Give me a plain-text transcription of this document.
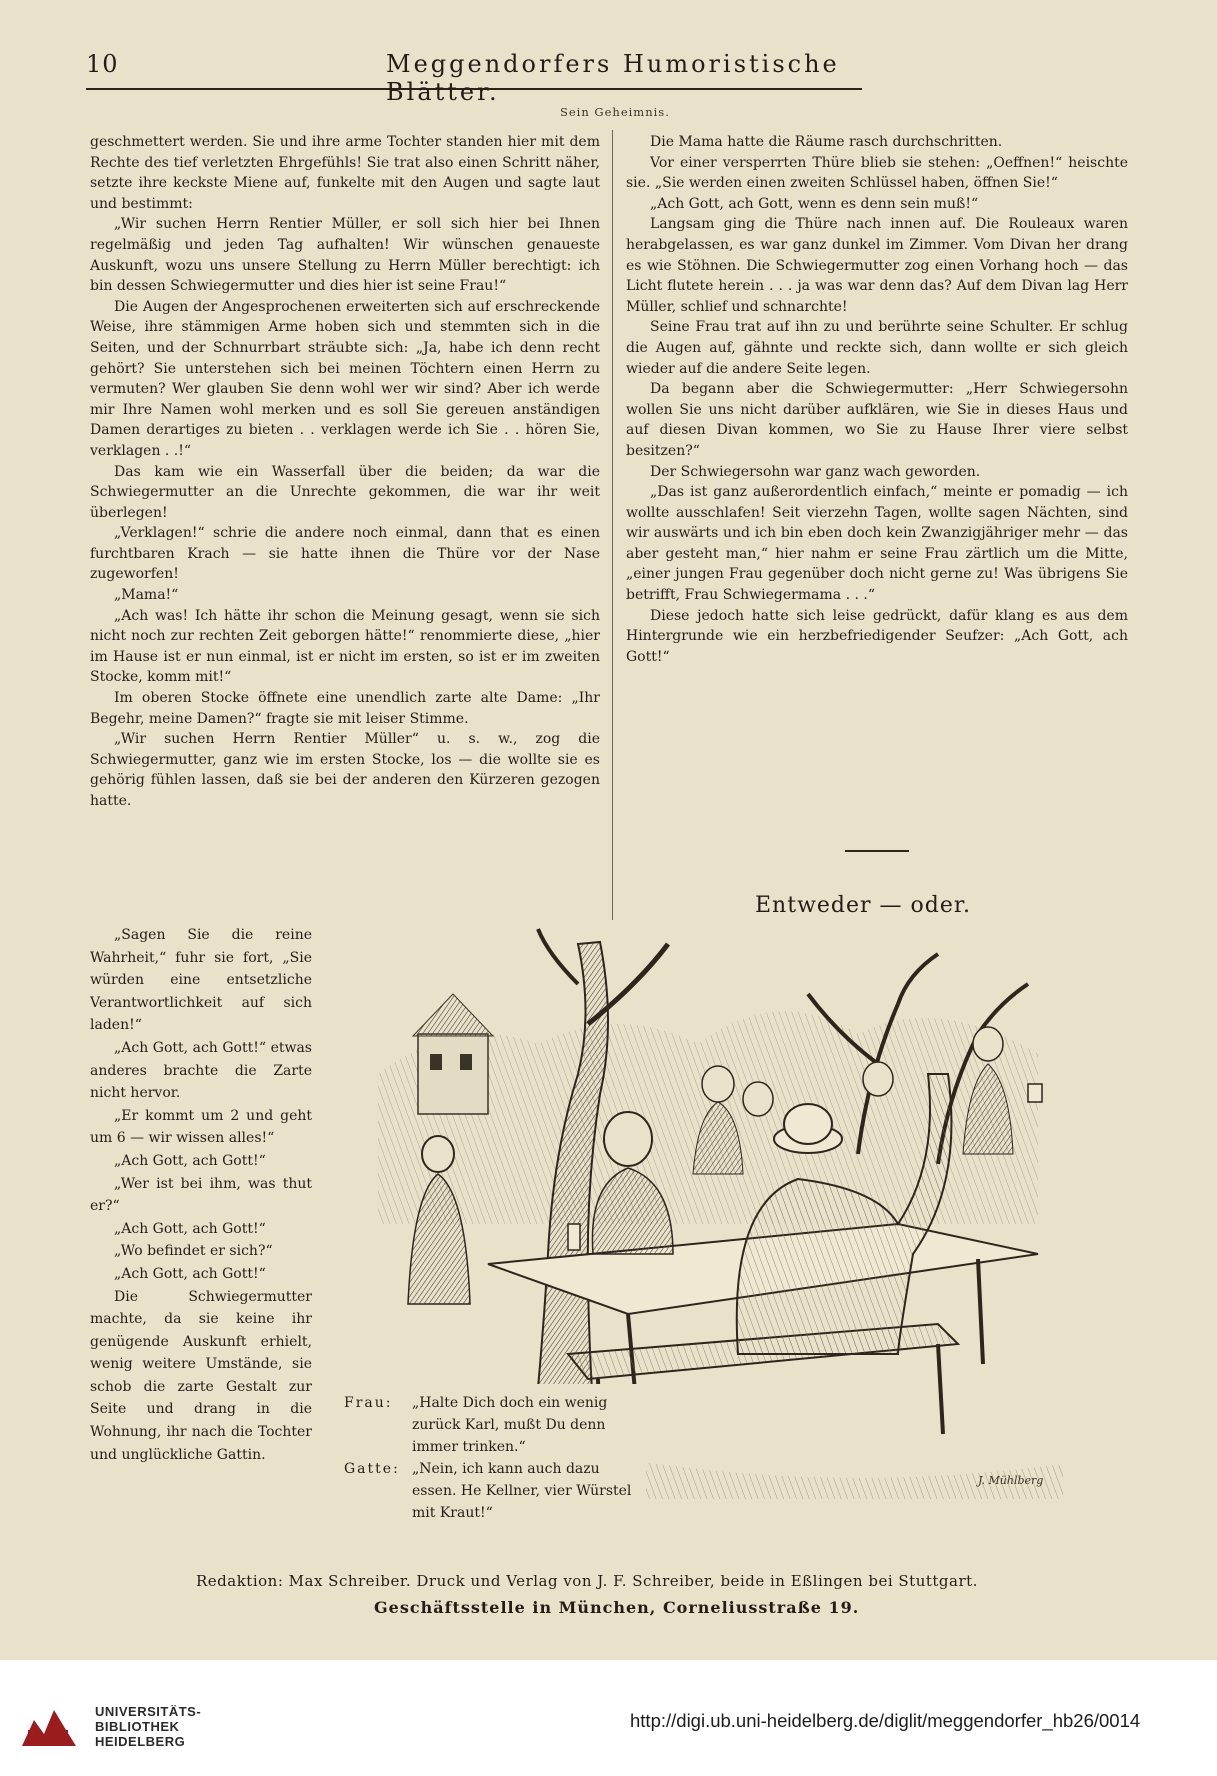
10	Meggendorfers Humoristische Blätter.
Sein Geheimnis.

geschmettert werden. Sie und ihre arme Tochter standen hier mit dem Rechte des tief verletzten Ehrgefühls! Sie trat also einen Schritt näher, setzte ihre keckste Miene auf, funkelte mit den Augen und sagte laut und bestimmt:

„Wir suchen Herrn Rentier Müller, er soll sich hier bei Ihnen regelmäßig und jeden Tag aufhalten! Wir wünschen genaueste Auskunft, wozu uns unsere Stellung zu Herrn Müller berechtigt: ich bin dessen Schwiegermutter und dies hier ist seine Frau!“

Die Augen der Angesprochenen erweiterten sich auf erschreckende Weise, ihre stämmigen Arme hoben sich und stemmten sich in die Seiten, und der Schnurrbart sträubte sich: „Ja, habe ich denn recht gehört? Sie unterstehen sich bei meinen Töchtern einen Herrn zu vermuten? Wer glauben Sie denn wohl wer wir sind? Aber ich werde mir Ihre Namen wohl merken und es soll Sie gereuen anständigen Damen derartiges zu bieten . . verklagen werde ich Sie . . hören Sie, verklagen . .!“

Das kam wie ein Wasserfall über die beiden; da war die Schwiegermutter an die Unrechte gekommen, die war ihr weit überlegen!

„Verklagen!“ schrie die andere noch einmal, dann that es einen furchtbaren Krach — sie hatte ihnen die Thüre vor der Nase zugeworfen!

„Mama!“

„Ach was! Ich hätte ihr schon die Meinung gesagt, wenn sie sich nicht noch zur rechten Zeit geborgen hätte!“ renommierte diese, „hier im Hause ist er nun einmal, ist er nicht im ersten, so ist er im zweiten Stocke, komm mit!“

Im oberen Stocke öffnete eine unendlich zarte alte Dame: „Ihr Begehr, meine Damen?“ fragte sie mit leiser Stimme.

„Wir suchen Herrn Rentier Müller“ u. s. w., zog die Schwiegermutter, ganz wie im ersten Stocke, los — die wollte sie es gehörig fühlen lassen, daß sie bei der anderen den Kürzeren gezogen hatte.

„Sagen Sie die reine Wahrheit,“ fuhr sie fort, „Sie würden eine entsetzliche Verantwortlichkeit auf sich laden!“

„Ach Gott, ach Gott!“ etwas anderes brachte die Zarte nicht hervor.

„Er kommt um 2 und geht um 6 — wir wissen alles!“

„Ach Gott, ach Gott!“

„Wer ist bei ihm, was thut er?“

„Ach Gott, ach Gott!“

„Wo befindet er sich?“

„Ach Gott, ach Gott!“

Die Schwiegermutter machte, da sie keine ihr genügende Auskunft erhielt, wenig weitere Umstände, sie schob die zarte Gestalt zur Seite und drang in die Wohnung, ihr nach die Tochter und unglückliche Gattin.

Die Mama hatte die Räume rasch durchschritten.

Vor einer versperrten Thüre blieb sie stehen: „Oeffnen!“ heischte sie. „Sie werden einen zweiten Schlüssel haben, öffnen Sie!“

„Ach Gott, ach Gott, wenn es denn sein muß!“

Langsam ging die Thüre nach innen auf. Die Rouleaux waren herabgelassen, es war ganz dunkel im Zimmer. Vom Divan her drang es wie Stöhnen. Die Schwiegermutter zog einen Vorhang hoch — das Licht flutete herein . . . ja was war denn das? Auf dem Divan lag Herr Müller, schlief und schnarchte!

Seine Frau trat auf ihn zu und berührte seine Schulter. Er schlug die Augen auf, gähnte und reckte sich, dann wollte er sich gleich wieder auf die andere Seite legen.

Da begann aber die Schwiegermutter: „Herr Schwiegersohn wollen Sie uns nicht darüber aufklären, wie Sie in dieses Haus und auf diesen Divan kommen, wo Sie zu Hause Ihrer viere selbst besitzen?“

Der Schwiegersohn war ganz wach geworden.

„Das ist ganz außerordentlich einfach,“ meinte er pomadig — ich wollte ausschlafen! Seit vierzehn Tagen, wollte sagen Nächten, sind wir auswärts und ich bin eben doch kein Zwanzigjähriger mehr — das aber gesteht man,“ hier nahm er seine Frau zärtlich um die Mitte, „einer jungen Frau gegenüber doch nicht gerne zu! Was übrigens Sie betrifft, Frau Schwiegermama . . .“

Diese jedoch hatte sich leise gedrückt, dafür klang es aus dem Hintergrunde wie ein herzbefriedigender Seufzer: „Ach Gott, ach Gott!“

Entweder — oder.
J. Mühlberg
Frau: „Halte Dich doch ein wenig zurück Karl, mußt Du denn immer trinken.“
Gatte: „Nein, ich kann auch dazu essen. He Kellner, vier Würstel mit Kraut!“
Redaktion: Max Schreiber. Druck und Verlag von J. F. Schreiber, beide in Eßlingen bei Stuttgart.
Geschäftsstelle in München, Corneliusstraße 19.
UNIVERSITÄTS-
BIBLIOTHEK
HEIDELBERG
http://digi.ub.uni-heidelberg.de/diglit/meggendorfer_hb26/0014
